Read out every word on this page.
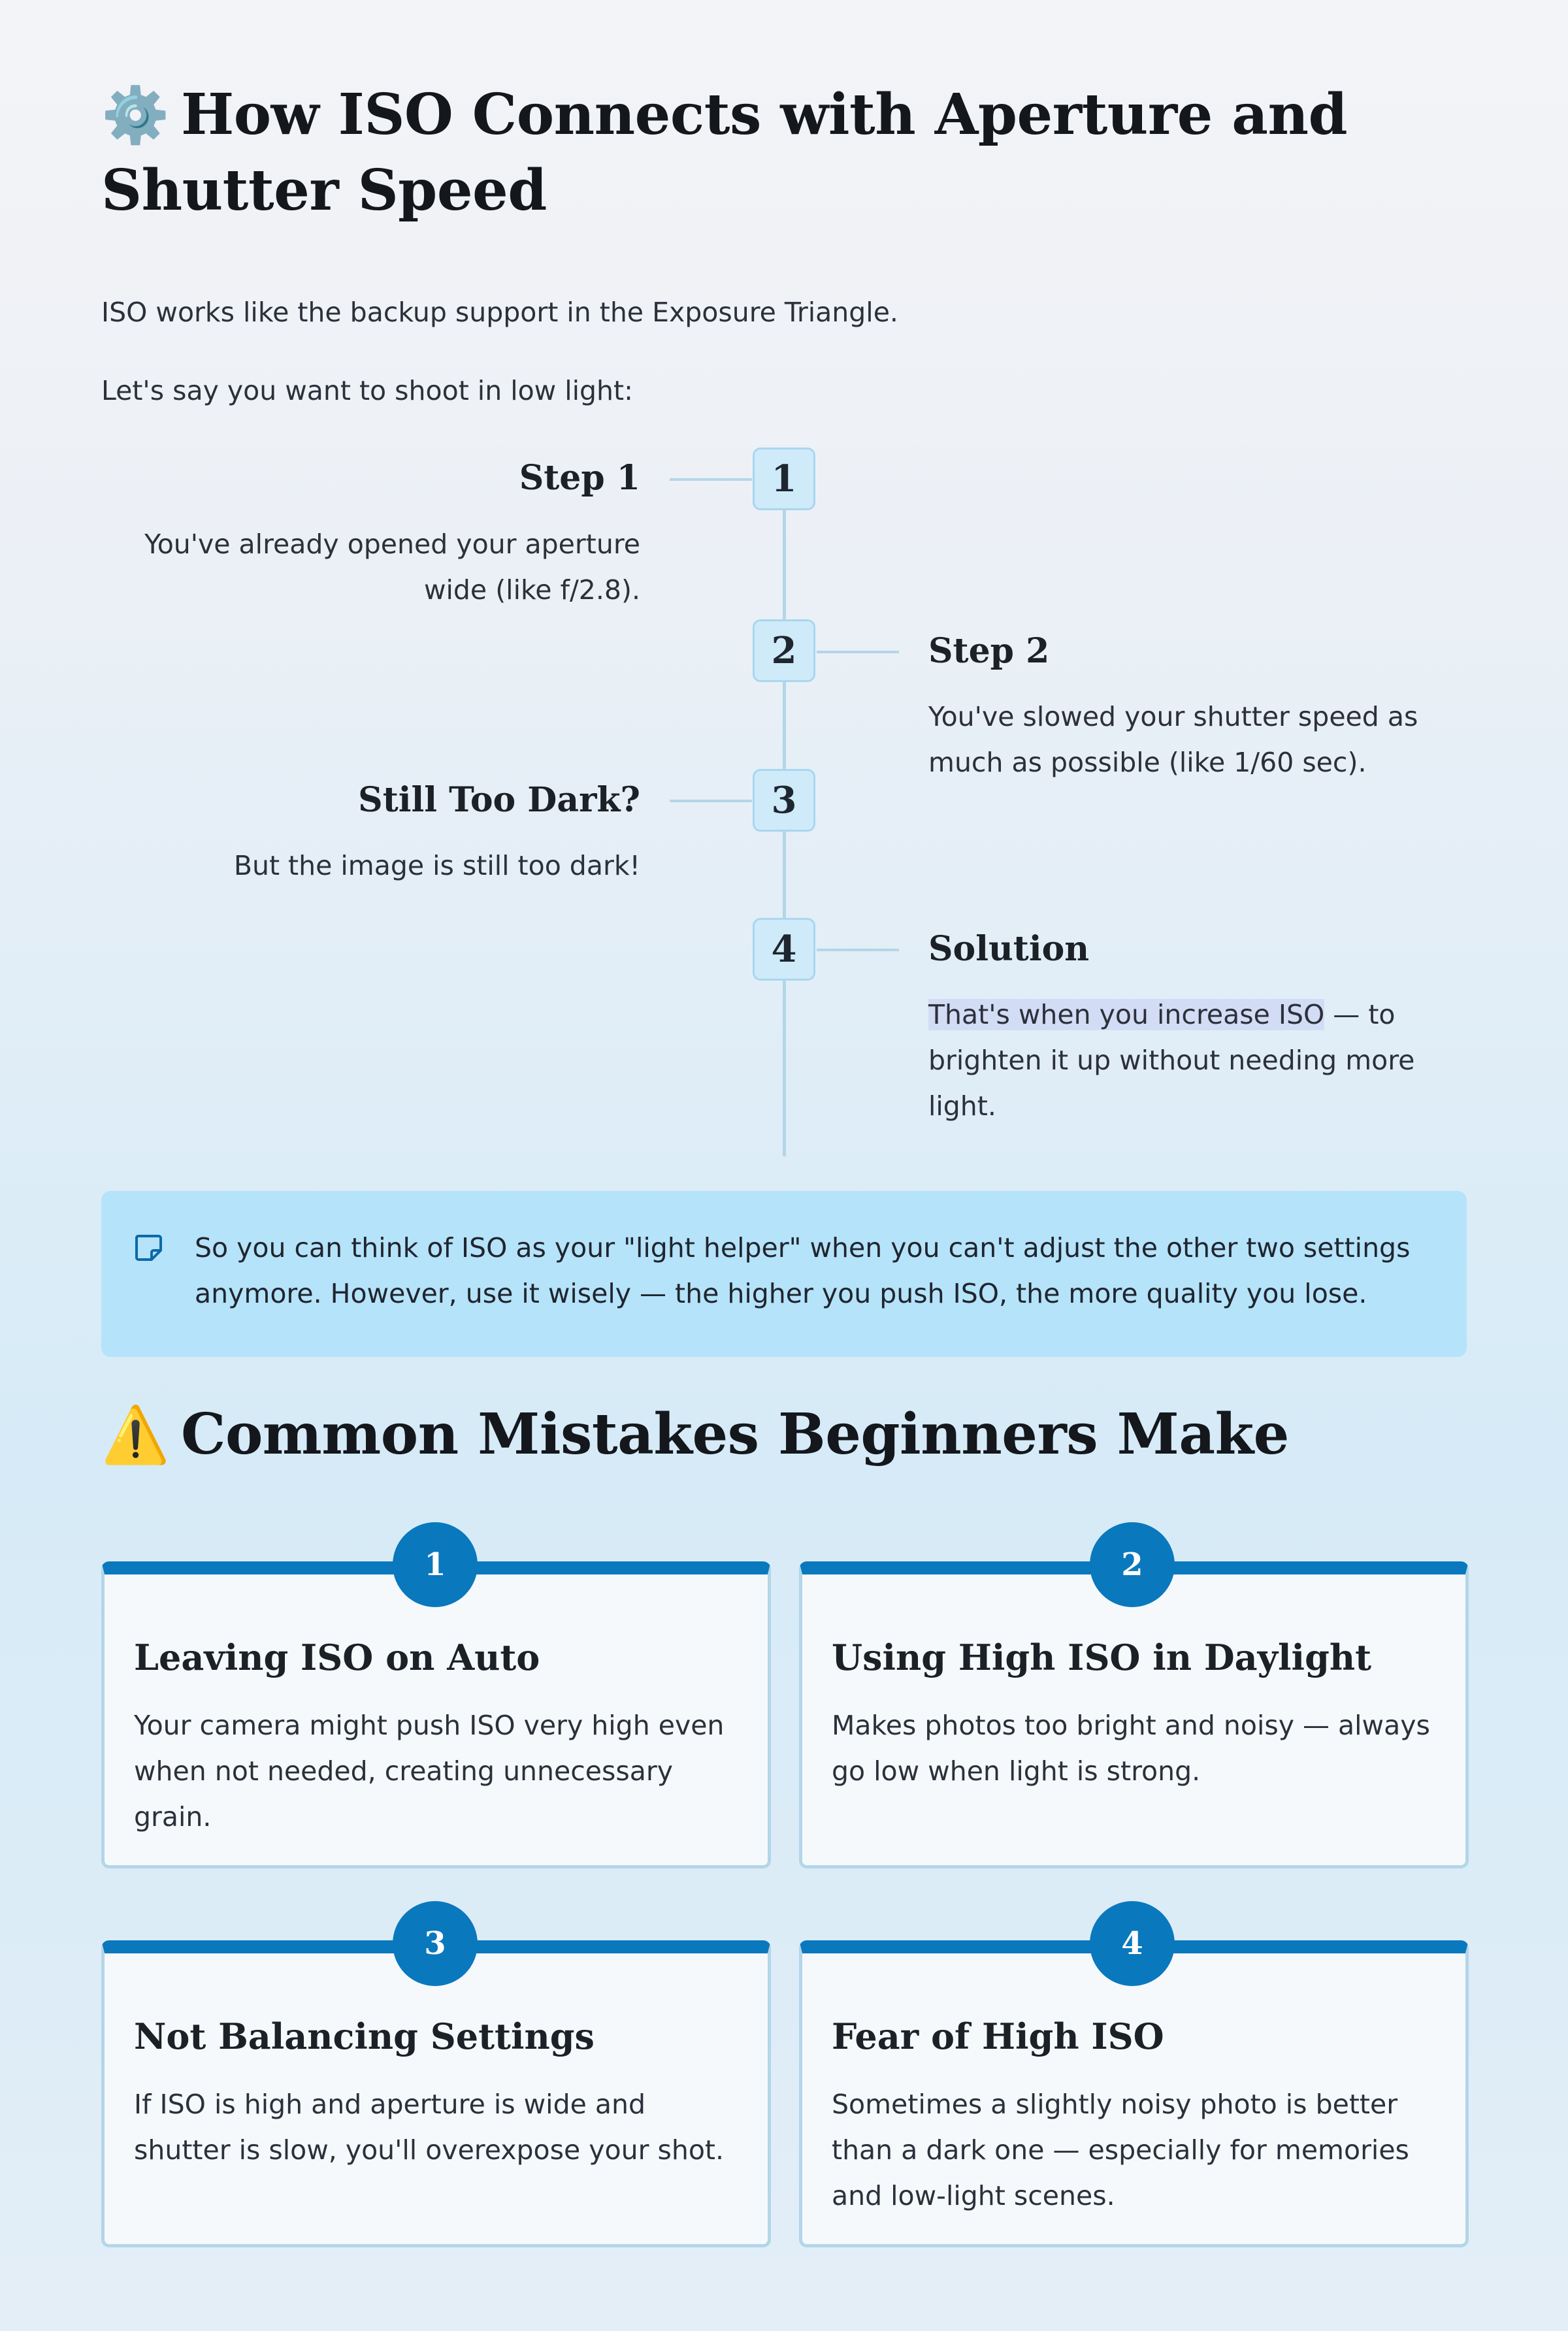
⚙️ How ISO Connects with Aperture and Shutter Speed
ISO works like the backup support in the Exposure Triangle.
Let's say you want to shoot in low light:
1
Step 1
You've already opened your aperture wide (like f/2.8).
2	Step 2
You've slowed your shutter speed as much as possible (like 1/60 sec).
3
Still Too Dark?
But the image is still too dark!
4	Solution
That's when you increase ISO — to brighten it up without needing more light.
So you can think of ISO as your "light helper" when you can't adjust the other two settings anymore. However, use it wisely — the higher you push ISO, the more quality you lose.
⚠️ Common Mistakes Beginners Make
1
Leaving ISO on Auto
Your camera might push ISO very high even when not needed, creating unnecessary grain.
2
Using High ISO in Daylight
Makes photos too bright and noisy — always go low when light is strong.
3
Not Balancing Settings
If ISO is high and aperture is wide and shutter is slow, you'll overexpose your shot.
4
Fear of High ISO
Sometimes a slightly noisy photo is better than a dark one — especially for memories and low-light scenes.
